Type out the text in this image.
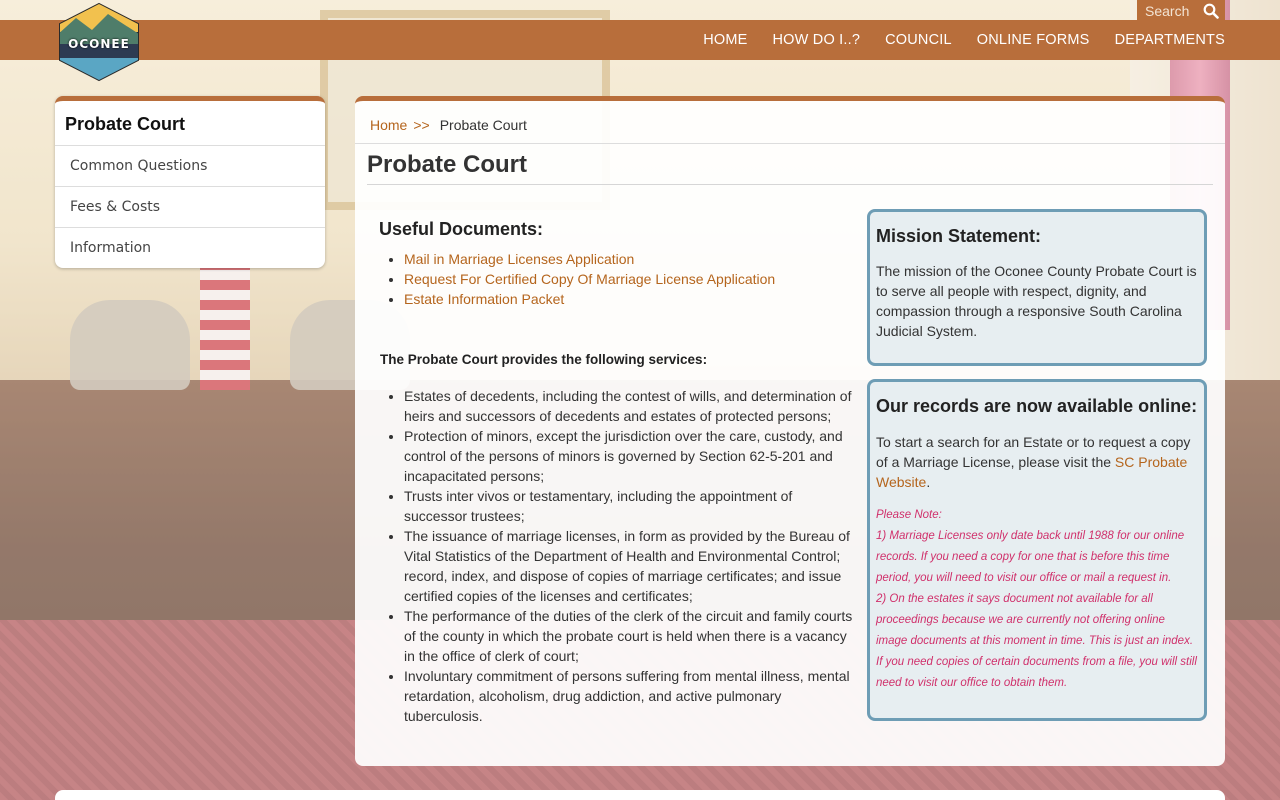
HOME HOW DO I..? COUNCIL ONLINE FORMS DEPARTMENTS
Search
OCONEE
Probate Court
Common Questions
Fees & Costs
Information
Home >> Probate Court
Probate Court
Useful Documents:
• Mail in Marriage Licenses Application
• Request For Certified Copy Of Marriage License Application
• Estate Information Packet

The Probate Court provides the following services:

• Estates of decedents, including the contest of wills, and determination of heirs and successors of decedents and estates of protected persons;
• Protection of minors, except the jurisdiction over the care, custody, and control of the persons of minors is governed by Section 62-5-201 and incapacitated persons;
• Trusts inter vivos or testamentary, including the appointment of successor trustees;
• The issuance of marriage licenses, in form as provided by the Bureau of Vital Statistics of the Department of Health and Environmental Control; record, index, and dispose of copies of marriage certificates; and issue certified copies of the licenses and certificates;
• The performance of the duties of the clerk of the circuit and family courts of the county in which the probate court is held when there is a vacancy in the office of clerk of court;
• Involuntary commitment of persons suffering from mental illness, mental retardation, alcoholism, drug addiction, and active pulmonary tuberculosis.
Mission Statement:

The mission of the Oconee County Probate Court is to serve all people with respect, dignity, and compassion through a responsive South Carolina Judicial System.

Our records are now available online:

To start a search for an Estate or to request a copy of a Marriage License, please visit the SC Probate Website.

Please Note:
1) Marriage Licenses only date back until 1988 for our online records. If you need a copy for one that is before this time period, you will need to visit our office or mail a request in.
2) On the estates it says document not available for all proceedings because we are currently not offering online image documents at this moment in time. This is just an index. If you need copies of certain documents from a file, you will still need to visit our office to obtain them.
